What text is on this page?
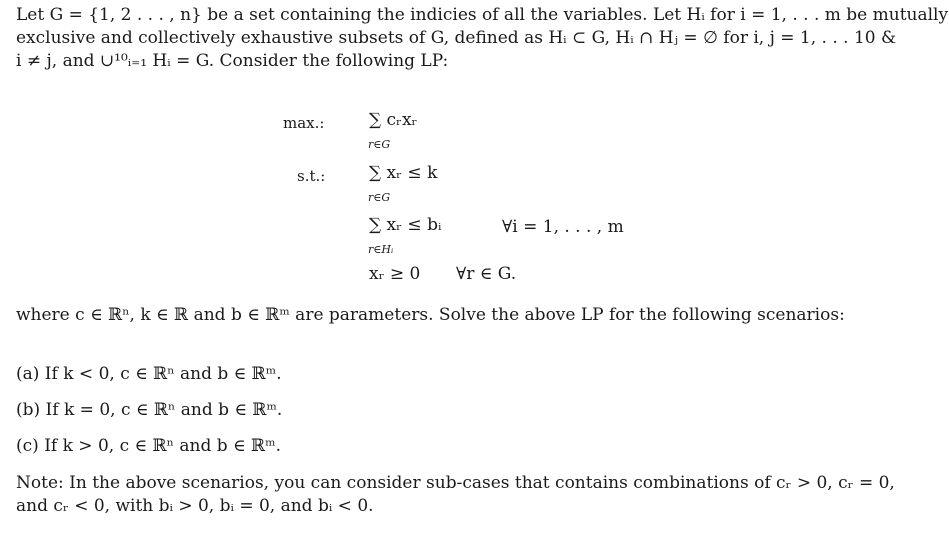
Let G = {1, 2 . . . , n} be a set containing the indicies of all the variables. Let Hᵢ for i = 1, . . . m be mutually
exclusive and collectively exhaustive subsets of G, defined as Hᵢ ⊂ G, Hᵢ ∩ Hⱼ = ∅ for i, j = 1, . . . 10 &
i ≠ j, and ∪¹⁰ᵢ₌₁ Hᵢ = G. Consider the following LP:
max.:	∑ cᵣxᵣ
r∈G
s.t.:	∑ xᵣ ≤ k
r∈G
∑ xᵣ ≤ bᵢ	∀i = 1, . . . , m
r∈Hᵢ
xᵣ ≥ 0 ∀r ∈ G.
where c ∈ ℝⁿ, k ∈ ℝ and b ∈ ℝᵐ are parameters. Solve the above LP for the following scenarios:
(a) If k < 0, c ∈ ℝⁿ and b ∈ ℝᵐ.
(b) If k = 0, c ∈ ℝⁿ and b ∈ ℝᵐ.
(c) If k > 0, c ∈ ℝⁿ and b ∈ ℝᵐ.
Note: In the above scenarios, you can consider sub-cases that contains combinations of cᵣ > 0, cᵣ = 0,
and cᵣ < 0, with bᵢ > 0, bᵢ = 0, and bᵢ < 0.
